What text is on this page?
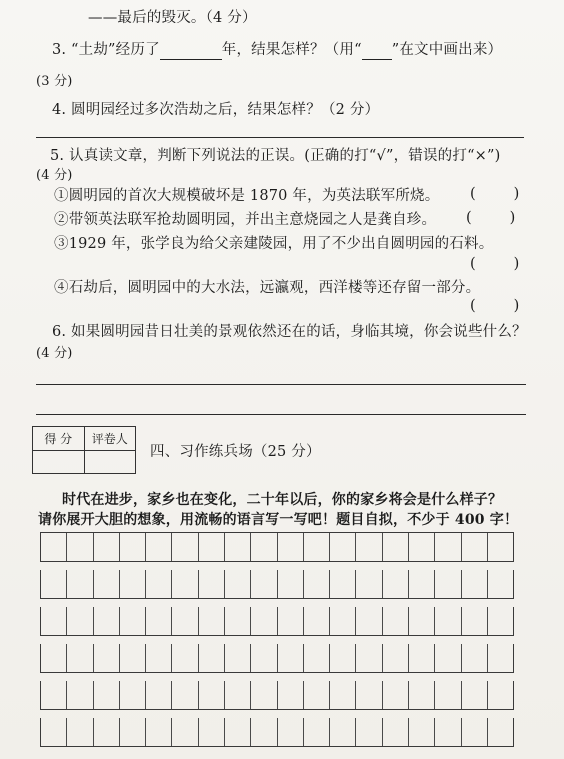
——最后的毁灭。（4 分）
3. “土劫”经历了	年，结果怎样？（用“ ”在文中画出来）
(3 分)
4. 圆明园经过多次浩劫之后，结果怎样？（2 分）
5. 认真读文章，判断下列说法的正误。(正确的打“√”，错误的打“×”)
(4 分)
①圆明园的首次大规模破坏是 1870 年，为英法联军所烧。 (	)
②带领英法联军抢劫圆明园，并出主意烧园之人是龚自珍。 (	)
③1929 年，张学良为给父亲建陵园，用了不少出自圆明园的石料。
(	)
④石劫后，圆明园中的大水法，远瀛观，西洋楼等还存留一部分。
(	)
6. 如果圆明园昔日壮美的景观依然还在的话，身临其境，你会说些什么？
(4 分)
得 分	评卷人

四、习作练兵场（25 分）
时代在进步，家乡也在变化，二十年以后，你的家乡将会是什么样子？
请你展开大胆的想象，用流畅的语言写一写吧！题目自拟，不少于 400 字！
